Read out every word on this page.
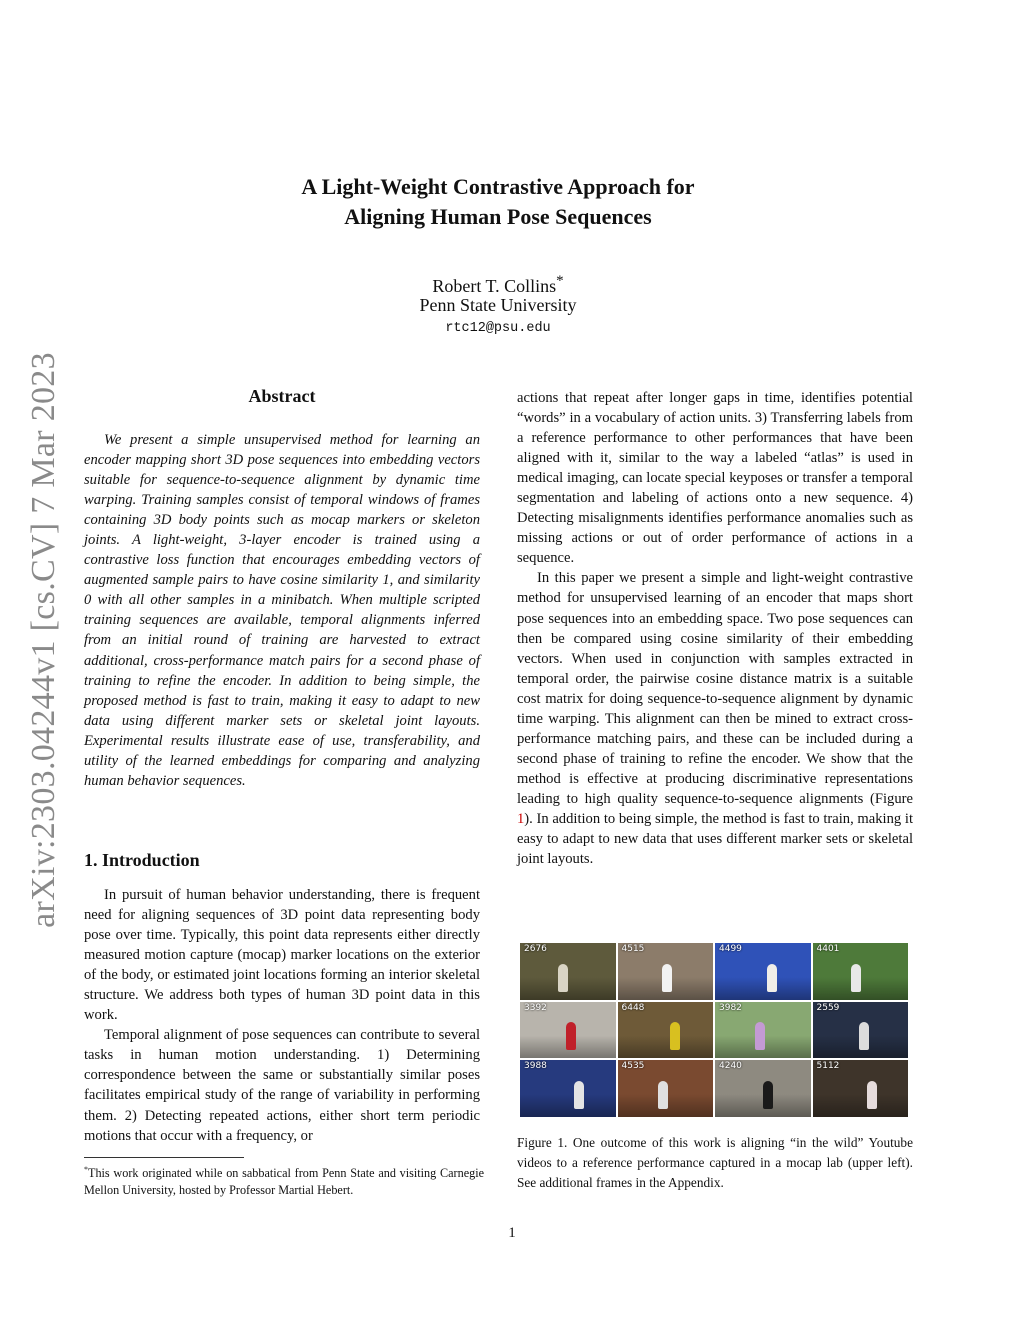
arXiv:2303.04244v1 [cs.CV] 7 Mar 2023
A Light-Weight Contrastive Approach for
Aligning Human Pose Sequences
Robert T. Collins*
Penn State University
rtc12@psu.edu
Abstract

We present a simple unsupervised method for learning an encoder mapping short 3D pose sequences into embedding vectors suitable for sequence-to-sequence alignment by dynamic time warping. Training samples consist of temporal windows of frames containing 3D body points such as mocap markers or skeleton joints. A light-weight, 3-layer encoder is trained using a contrastive loss function that encourages embedding vectors of augmented sample pairs to have cosine similarity 1, and similarity 0 with all other samples in a minibatch. When multiple scripted training sequences are available, temporal alignments inferred from an initial round of training are harvested to extract additional, cross-performance match pairs for a second phase of training to refine the encoder. In addition to being simple, the proposed method is fast to train, making it easy to adapt to new data using different marker sets or skeletal joint layouts. Experimental results illustrate ease of use, transferability, and utility of the learned embeddings for comparing and analyzing human behavior sequences.

1. Introduction

In pursuit of human behavior understanding, there is frequent need for aligning sequences of 3D point data representing body pose over time. Typically, this point data represents either directly measured motion capture (mocap) marker locations on the exterior of the body, or estimated joint locations forming an interior skeletal structure. We address both types of human 3D point data in this work.

Temporal alignment of pose sequences can contribute to several tasks in human motion understanding. 1) Determining correspondence between the same or substantially similar poses facilitates empirical study of the range of variability in performing them. 2) Detecting repeated actions, either short term periodic motions that occur with a frequency, or

actions that repeat after longer gaps in time, identifies potential “words” in a vocabulary of action units. 3) Transferring labels from a reference performance to other performances that have been aligned with it, similar to the way a labeled “atlas” is used in medical imaging, can locate special keyposes or transfer a temporal segmentation and labeling of actions onto a new sequence. 4) Detecting misalignments identifies performance anomalies such as missing actions or out of order performance of actions in a sequence.

In this paper we present a simple and light-weight contrastive method for unsupervised learning of an encoder that maps short pose sequences into an embedding space. Two pose sequences can then be compared using cosine similarity of their embedding vectors. When used in conjunction with samples extracted in temporal order, the pairwise cosine distance matrix is a suitable cost matrix for doing sequence-to-sequence alignment by dynamic time warping. This alignment can then be mined to extract cross-performance matching pairs, and these can be included during a second phase of training to refine the encoder. We show that the method is effective at producing discriminative representations leading to high quality sequence-to-sequence alignments (Figure 1). In addition to being simple, the method is fast to train, making it easy to adapt to new data that uses different marker sets or skeletal joint layouts.

2676	4515	4499	4401
3392	6448	3982	2559
3988	4535	4240	5112
Figure 1. One outcome of this work is aligning “in the wild” Youtube videos to a reference performance captured in a mocap lab (upper left). See additional frames in the Appendix.
*This work originated while on sabbatical from Penn State and visiting Carnegie Mellon University, hosted by Professor Martial Hebert.
1
